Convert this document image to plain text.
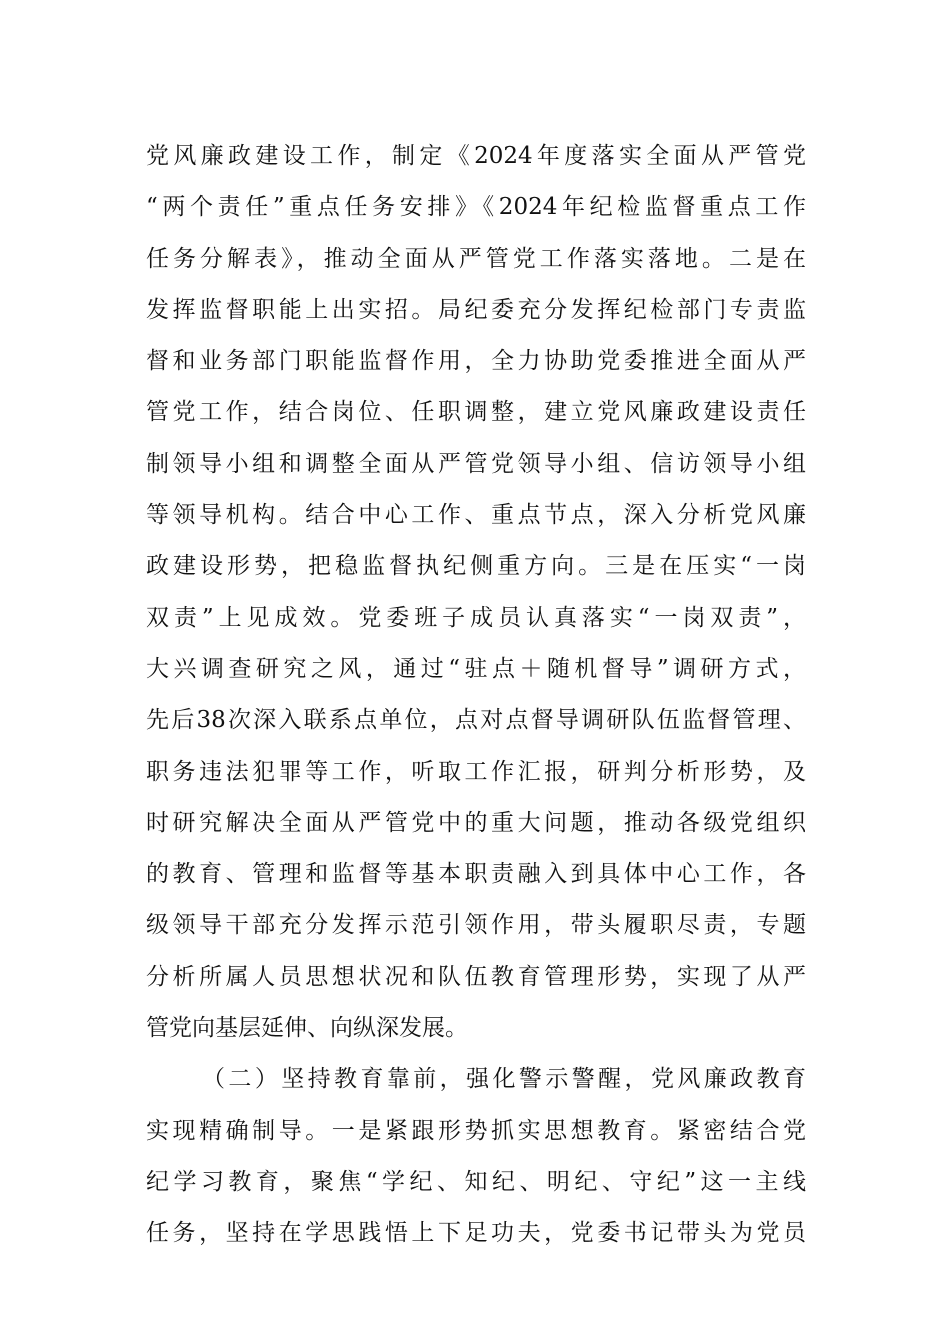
党风廉政建设工作，制定《2024年度落实全面从严管党
“两个责任”重点任务安排》《2024年纪检监督重点工作
任务分解表》，推动全面从严管党工作落实落地。二是在
发挥监督职能上出实招。局纪委充分发挥纪检部门专责监
督和业务部门职能监督作用，全力协助党委推进全面从严
管党工作，结合岗位、任职调整，建立党风廉政建设责任
制领导小组和调整全面从严管党领导小组、信访领导小组
等领导机构。结合中心工作、重点节点，深入分析党风廉
政建设形势，把稳监督执纪侧重方向。三是在压实“一岗
双责”上见成效。党委班子成员认真落实“一岗双责”，
大兴调查研究之风，通过“驻点＋随机督导”调研方式，
先后38次深入联系点单位，点对点督导调研队伍监督管理、
职务违法犯罪等工作，听取工作汇报，研判分析形势，及
时研究解决全面从严管党中的重大问题，推动各级党组织
的教育、管理和监督等基本职责融入到具体中心工作，各
级领导干部充分发挥示范引领作用，带头履职尽责，专题
分析所属人员思想状况和队伍教育管理形势，实现了从严
管党向基层延伸、向纵深发展。
（二）坚持教育靠前，强化警示警醒，党风廉政教育
实现精确制导。一是紧跟形势抓实思想教育。紧密结合党
纪学习教育，聚焦“学纪、知纪、明纪、守纪”这一主线
任务，坚持在学思践悟上下足功夫，党委书记带头为党员
